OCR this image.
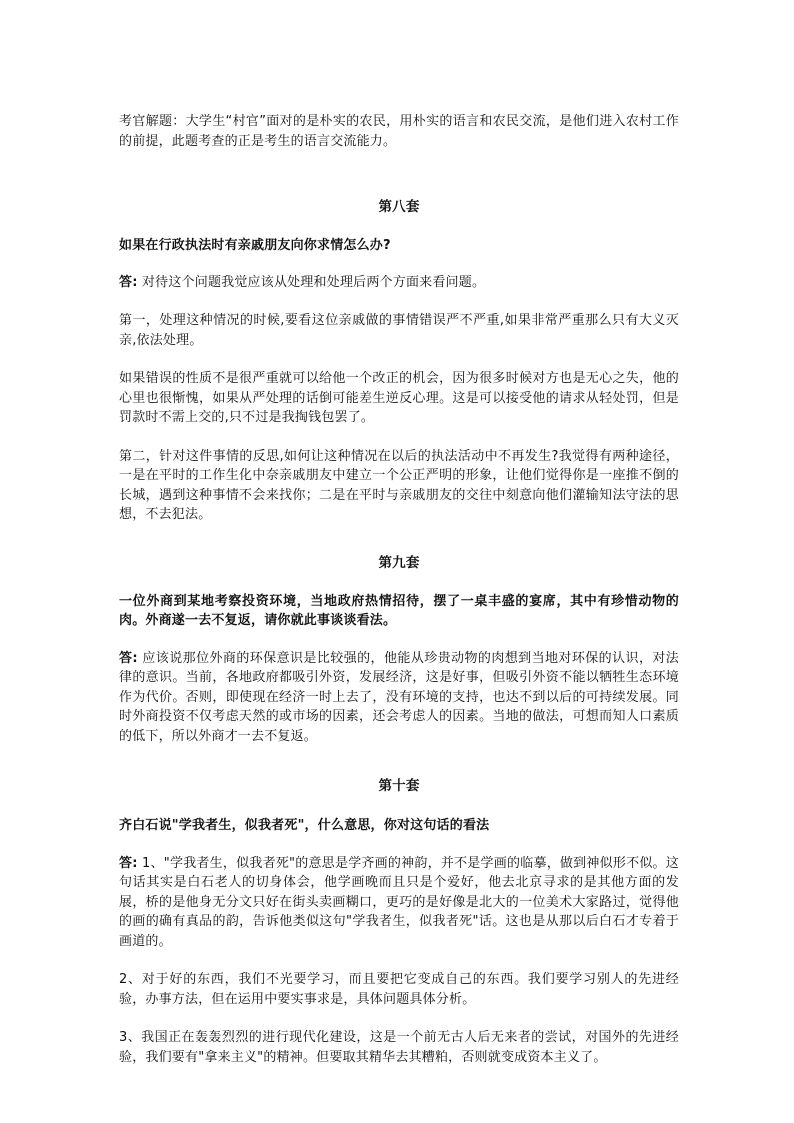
考官解题：大学生“村官”面对的是朴实的农民，用朴实的语言和农民交流，是他们进入农村工作的前提，此题考查的正是考生的语言交流能力。

第八套

如果在行政执法时有亲戚朋友向你求情怎么办?

答: 对待这个问题我觉应该从处理和处理后两个方面来看问题。

第一，处理这种情况的时候,要看这位亲戚做的事情错误严不严重,如果非常严重那么只有大义灭亲,依法处理。

如果错误的性质不是很严重就可以给他一个改正的机会，因为很多时候对方也是无心之失，他的心里也很惭愧，如果从严处理的话倒可能差生逆反心理。这是可以接受他的请求从轻处罚，但是罚款时不需上交的,只不过是我掏钱包罢了。

第二，针对这件事情的反思,如何让这种情况在以后的执法活动中不再发生?我觉得有两种途径，一是在平时的工作生化中奈亲戚朋友中建立一个公正严明的形象，让他们觉得你是一座推不倒的长城，遇到这种事情不会来找你；二是在平时与亲戚朋友的交往中刻意向他们灌输知法守法的思想，不去犯法。

第九套

一位外商到某地考察投资环境，当地政府热情招待，摆了一桌丰盛的宴席，其中有珍惜动物的肉。外商遂一去不复返，请你就此事谈谈看法。

答: 应该说那位外商的环保意识是比较强的，他能从珍贵动物的肉想到当地对环保的认识，对法律的意识。当前，各地政府都吸引外资，发展经济，这是好事，但吸引外资不能以牺牲生态环境作为代价。否则，即使现在经济一时上去了，没有环境的支持，也达不到以后的可持续发展。同时外商投资不仅考虑天然的或市场的因素，还会考虑人的因素。当地的做法，可想而知人口素质的低下，所以外商才一去不复返。

第十套

齐白石说"学我者生，似我者死"，什么意思，你对这句话的看法

答: 1、"学我者生，似我者死"的意思是学齐画的神韵，并不是学画的临摹，做到神似形不似。这句话其实是白石老人的切身体会，他学画晚而且只是个爱好，他去北京寻求的是其他方面的发展，桥的是他身无分文只好在街头卖画糊口，更巧的是好像是北大的一位美术大家路过，觉得他的画的确有真品的韵，告诉他类似这句"学我者生，似我者死"话。这也是从那以后白石才专着于画道的。

2、对于好的东西，我们不光要学习，而且要把它变成自己的东西。我们要学习别人的先进经验，办事方法，但在运用中要实事求是，具体问题具体分析。

3、我国正在轰轰烈烈的进行现代化建设，这是一个前无古人后无来者的尝试，对国外的先进经验，我们要有"拿来主义"的精神。但要取其精华去其糟粕，否则就变成资本主义了。
